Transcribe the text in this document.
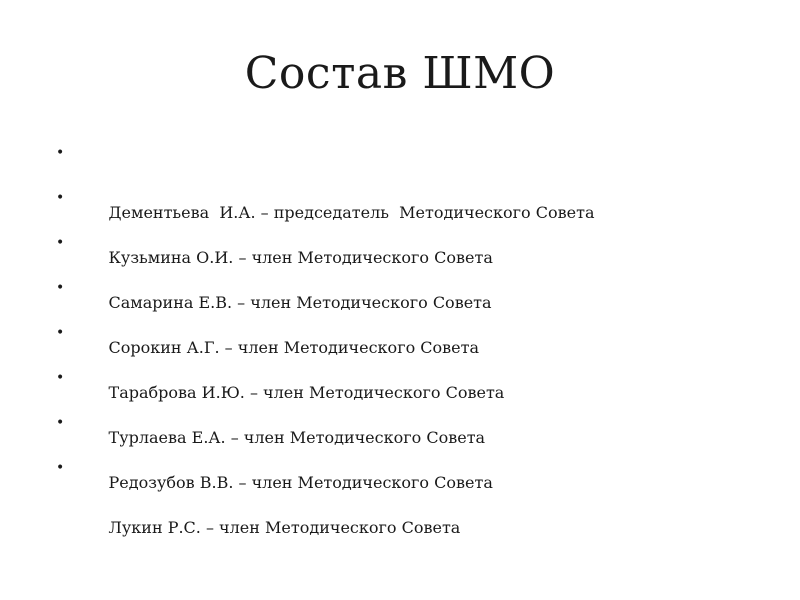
Состав ШМО

•

Дементьева  И.А. – председатель  Методического Совета

•

Кузьмина О.И. – член Методического Совета

•

Самарина Е.В. – член Методического Совета

•

Сорокин А.Г. – член Методического Совета

•

Тараброва И.Ю. – член Методического Совета

•

Турлаева Е.А. – член Методического Совета

•

Редозубов В.В. – член Методического Совета

•

Лукин Р.С. – член Методического Совета
